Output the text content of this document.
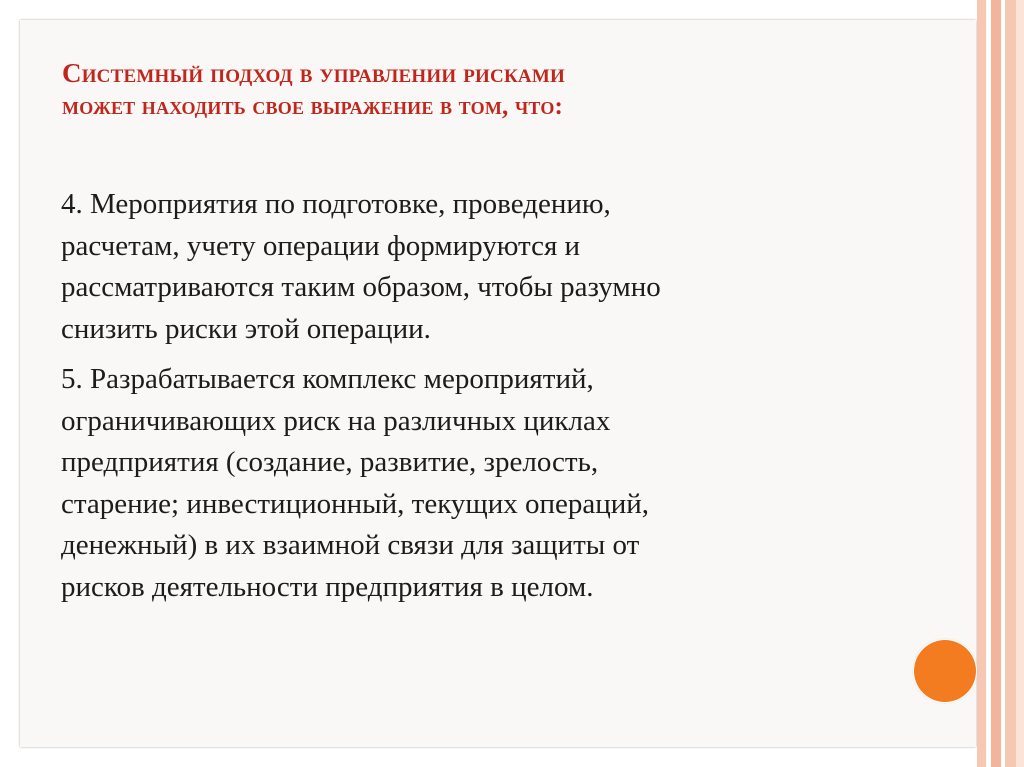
Системный подход в управлении рисками
может находить свое выражение в том, что:

4. Мероприятия по подготовке, проведению,
расчетам, учету операции формируются и
рассматриваются таким образом, чтобы разумно
снизить риски этой операции.

5. Разрабатывается комплекс мероприятий,
ограничивающих риск на различных циклах
предприятия (создание, развитие, зрелость,
старение; инвестиционный, текущих операций,
денежный) в их взаимной связи для защиты от
рисков деятельности предприятия в целом.
